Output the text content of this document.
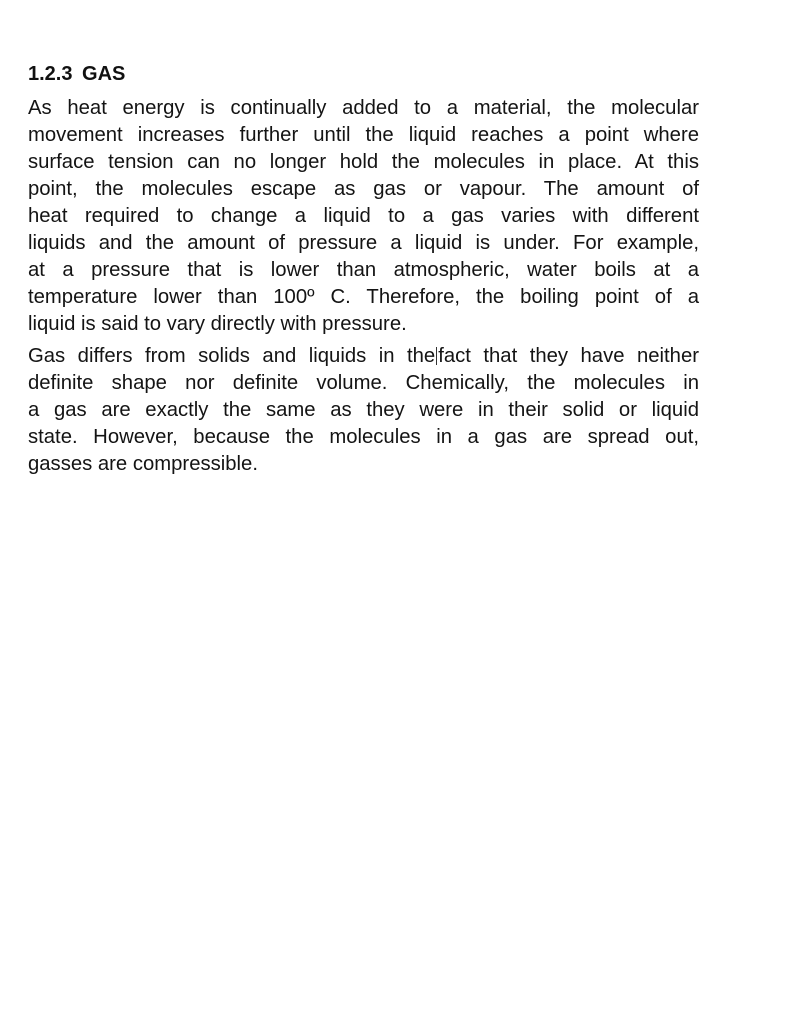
1.2.3 GAS

As heat energy is continually added to a material, the molecular
movement increases further until the liquid reaches a point where
surface tension can no longer hold the molecules in place. At this
point, the molecules escape as gas or vapour. The amount of
heat required to change a liquid to a gas varies with different
liquids and the amount of pressure a liquid is under. For example,
at a pressure that is lower than atmospheric, water boils at a
temperature lower than 100º C. Therefore, the boiling point of a
liquid is said to vary directly with pressure.

Gas differs from solids and liquids in the fact that they have neither
definite shape nor definite volume. Chemically, the molecules in
a gas are exactly the same as they were in their solid or liquid
state. However, because the molecules in a gas are spread out,
gasses are compressible.
